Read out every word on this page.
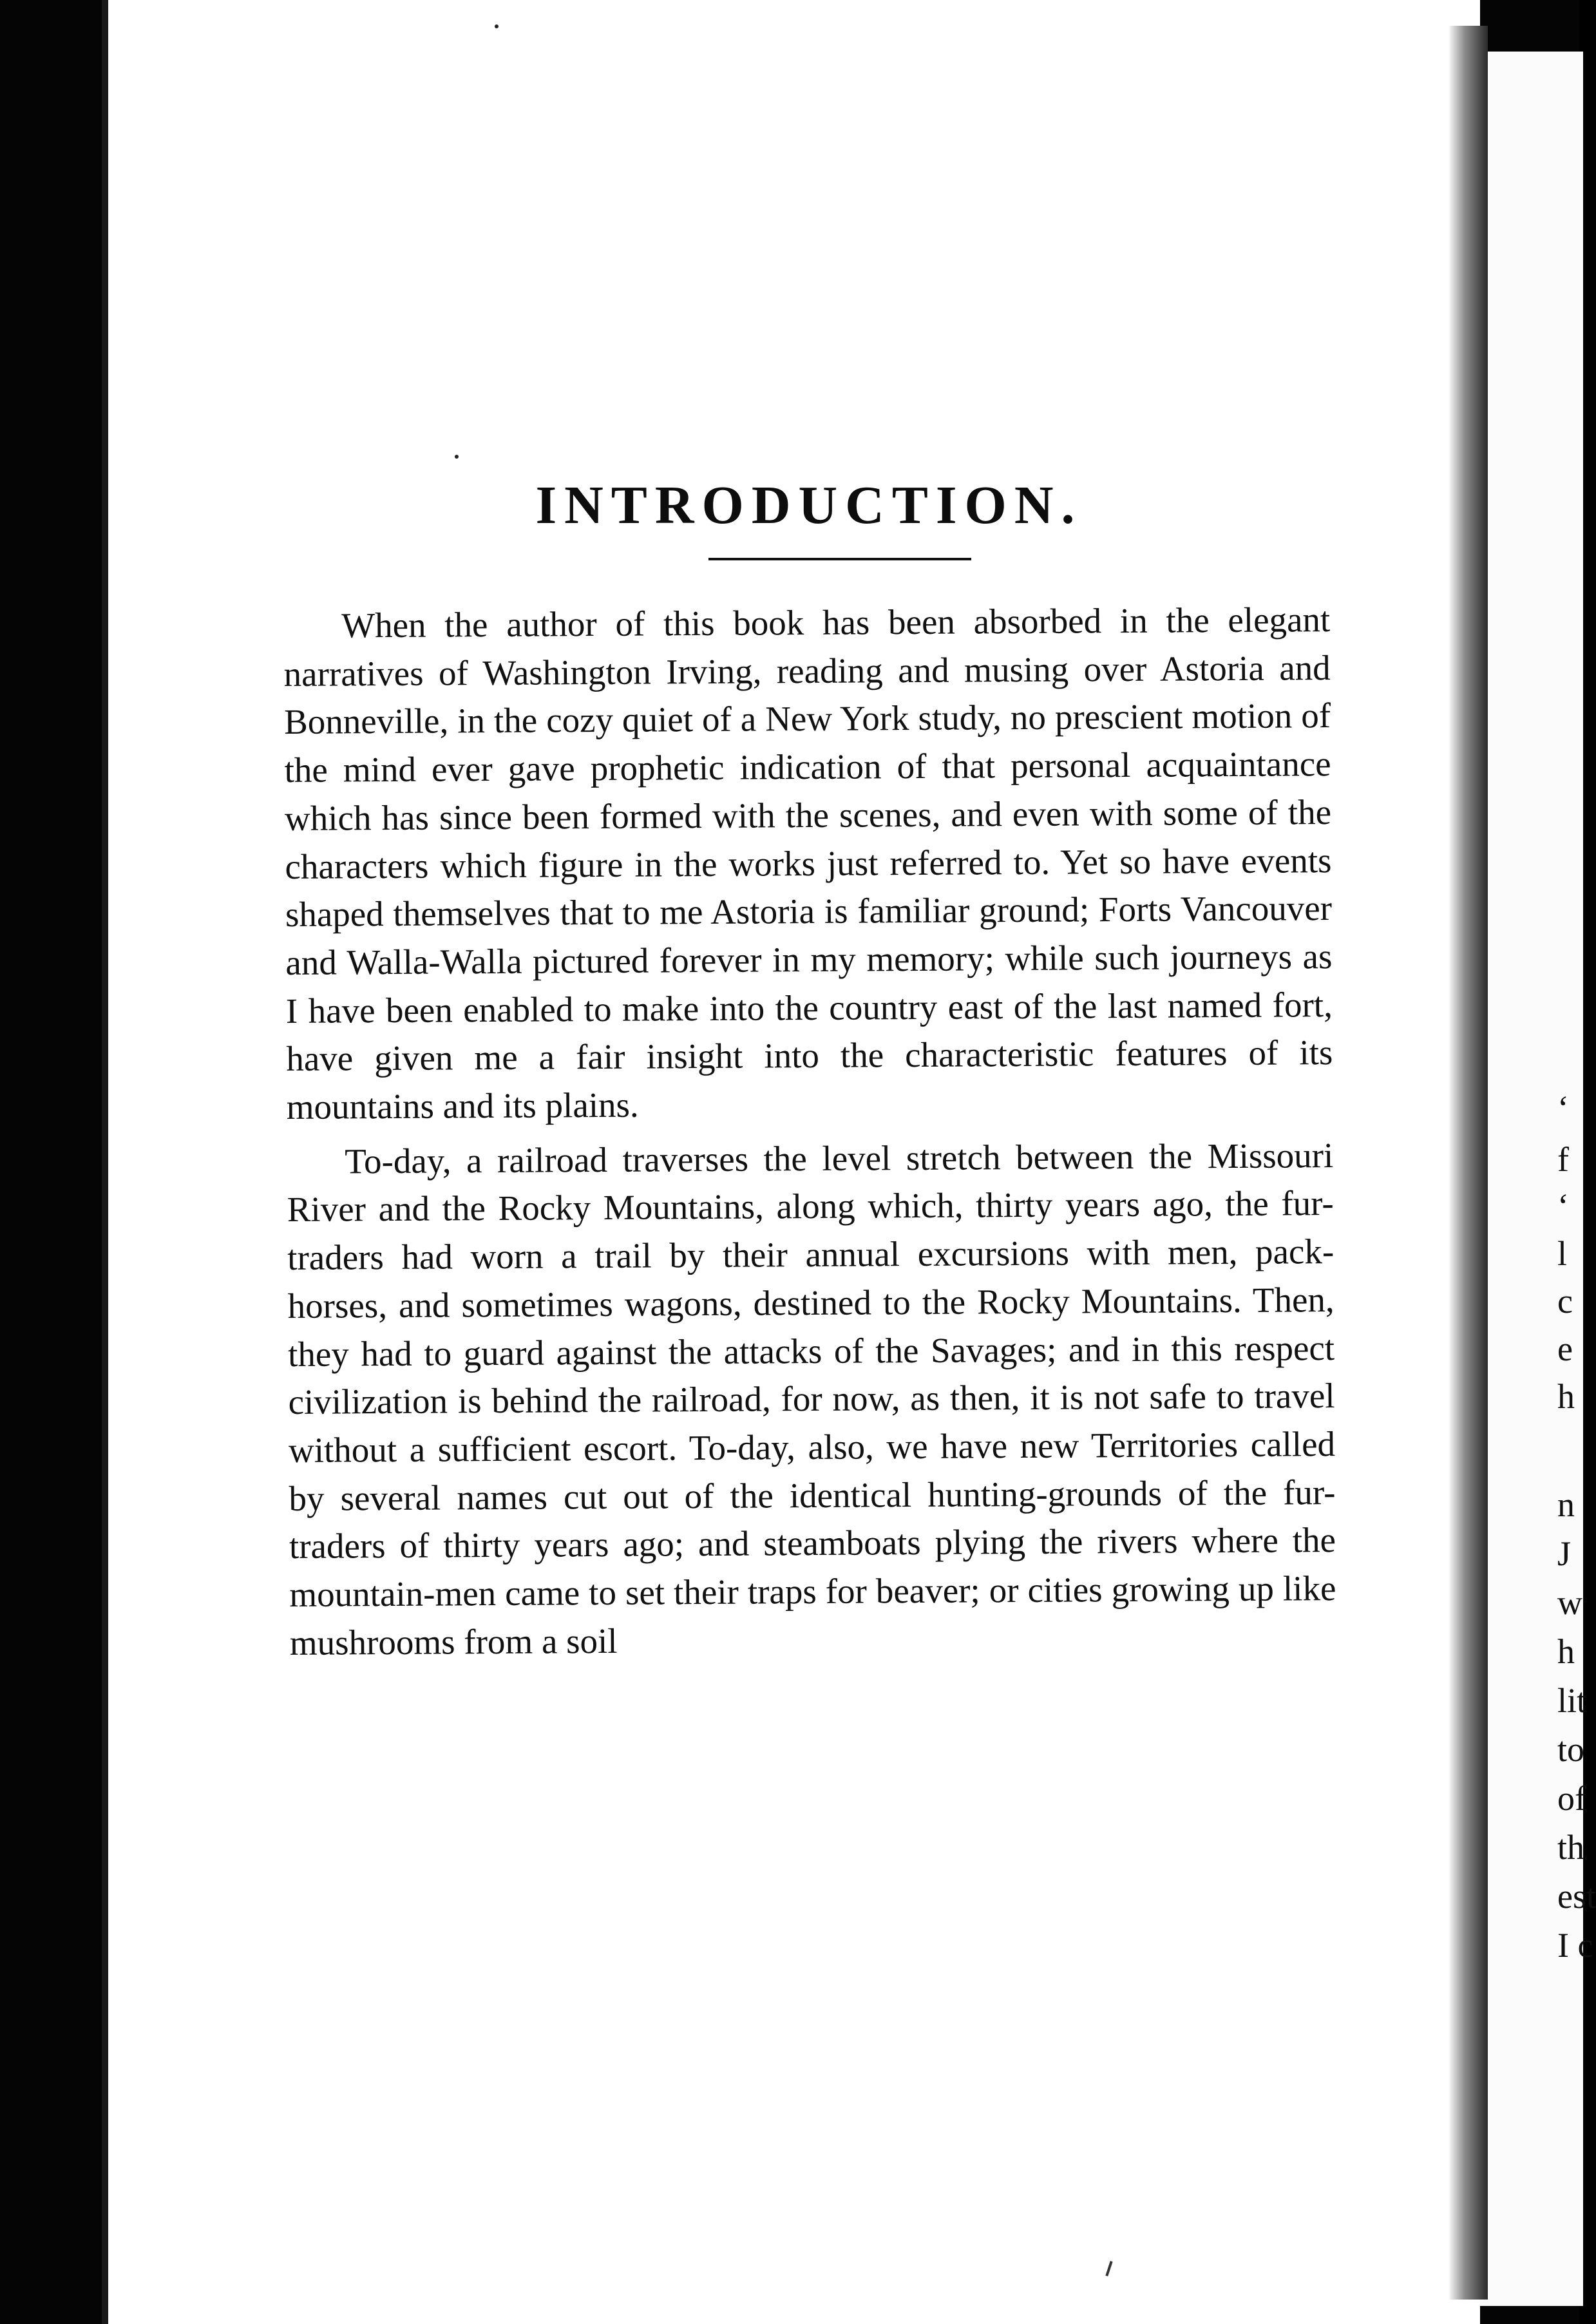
‘
f
‘
l
c
e
h
n
J
w
h
lit
to
of
th
est
I c
INTRODUCTION.

When the author of this book has been absorbed in the elegant narratives of Washington Irving, reading and musing over Astoria and Bonneville, in the cozy quiet of a New York study, no prescient motion of the mind ever gave prophetic indication of that personal acquaintance which has since been formed with the scenes, and even with some of the characters which figure in the works just referred to. Yet so have events shaped themselves that to me Astoria is familiar ground; Forts Vancouver and Walla-Walla pictured forever in my memory; while such journeys as I have been enabled to make into the country east of the last named fort, have given me a fair insight into the characteristic features of its mountains and its plains.

To-day, a railroad traverses the level stretch between the Missouri River and the Rocky Mountains, along which, thirty years ago, the fur-traders had worn a trail by their annual excursions with men, pack-horses, and sometimes wagons, destined to the Rocky Mountains. Then, they had to guard against the attacks of the Savages; and in this respect civilization is behind the railroad, for now, as then, it is not safe to travel without a sufficient escort. To-day, also, we have new Territories called by several names cut out of the identical hunting-grounds of the fur-traders of thirty years ago; and steamboats plying the rivers where the mountain-men came to set their traps for beaver; or cities growing up like mushrooms from a soil
